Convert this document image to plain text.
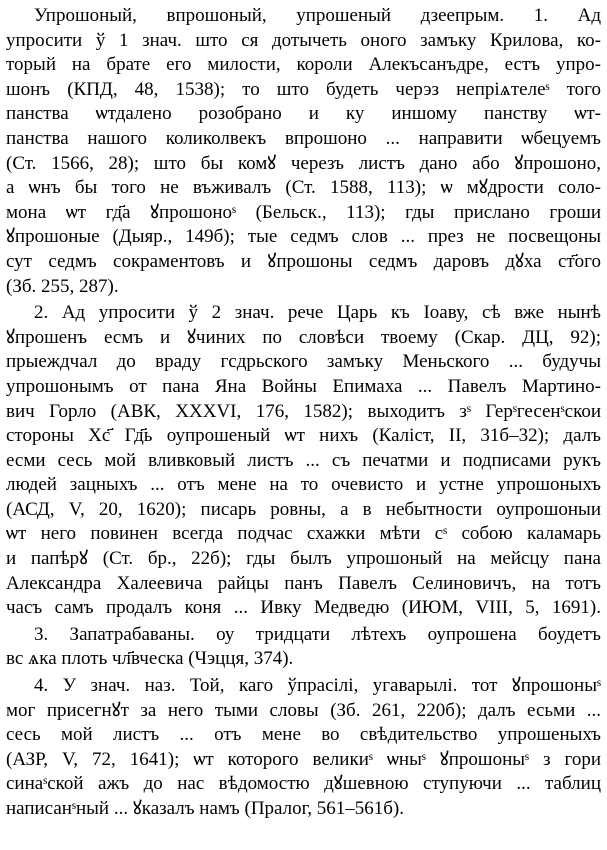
Упрошоный, впрошоный, упрошеный дзеепрым. 1. Ад
упросити ў 1 знач. што ся дотычеть оного замъку Крилова, ко-
торый на брате его милости, короли Алекъсанъдре, естъ упро-
шонъ (КПД, 48, 1538); то што будеть черэз непрiѧтелеˢ того
панства ѡтдалено розобрано и ку иншому панству ѡт-
панства нашого коликолвекъ впрошоно ... направити ѡбецуемъ
(Ст. 1566, 28); што бы комꙋ черезъ листъ дано або ꙋпрошоно,
а ѡнъ бы того не въживалъ (Ст. 1588, 113); ѡ мꙋдрости соло-
мона ѡт гд҃а ꙋпрошоноˢ (Бельск., 113); гды прислано гроши
ꙋпрошоные (Дыяр., 149б); тые седмъ слов ... през не посвещоны
сут седмъ сокраментовъ и ꙋпрошоны седмъ даровъ дꙋха ст҃ого
(Зб. 255, 287).
2. Ад упросити ў 2 знач. рече Царь къ Iоаву, сѣ вже нынѣ
ꙋпрошенъ есмъ и ꙋчиних по словѣси твоему (Скар. ДЦ, 92);
прыеждчал до враду гсдрьского замъку Меньского ... будучы
упрошонымъ от пана Яна Войны Епимаха ... Павелъ Мартино-
вич Горло (АВК, XXXVI, 176, 1582); выходитъ зˢ Герˢгесенˢскои
стороны Хс҃ Гд҃ь оупрошеный ѡт нихъ (Калiст, II, 31б–32); далъ
есми сесь мой вливковый листъ ... съ печатми и подписами рукъ
людей зацныхъ ... отъ мене на то очевисто и устне упрошоныхъ
(АСД, V, 20, 1620); писарь ровны, а в небытности оупрошоныи
ѡт него повинен всегда подчас схажки мѣти сˢ собою каламарь
и папѣрꙋ (Ст. бр., 22б); гды былъ упрошоный на мейсцу пана
Александра Халеевича райцы панъ Павелъ Селиновичъ, на тотъ
часъ самъ продалъ коня ... Ивку Медведю (ИЮМ, VIII, 5, 1691).
3. Запатрабаваны. оу тридцати лѣтехъ оупрошена боудетъ
вс ѧка плоть чл҃вческа (Чэцця, 374).
4. У знач. наз. Той, каго ўпрасілі, угаварылі. тот ꙋпрошоныˢ
мог присегнꙋт за него тыми словы (Зб. 261, 220б); далъ есьми ...
сесь мой листъ ... отъ мене во свѣдительство упрошеныхъ
(АЗР, V, 72, 1641); ѡт которого великиˢ ѡныˢ ꙋпрошоныˢ з гори
синаˢской ажъ до нас вѣдомостю дꙋшевною ступуючи ... таблиц
написанˢный ... ꙋказалъ намъ (Пралог, 561–561б).
